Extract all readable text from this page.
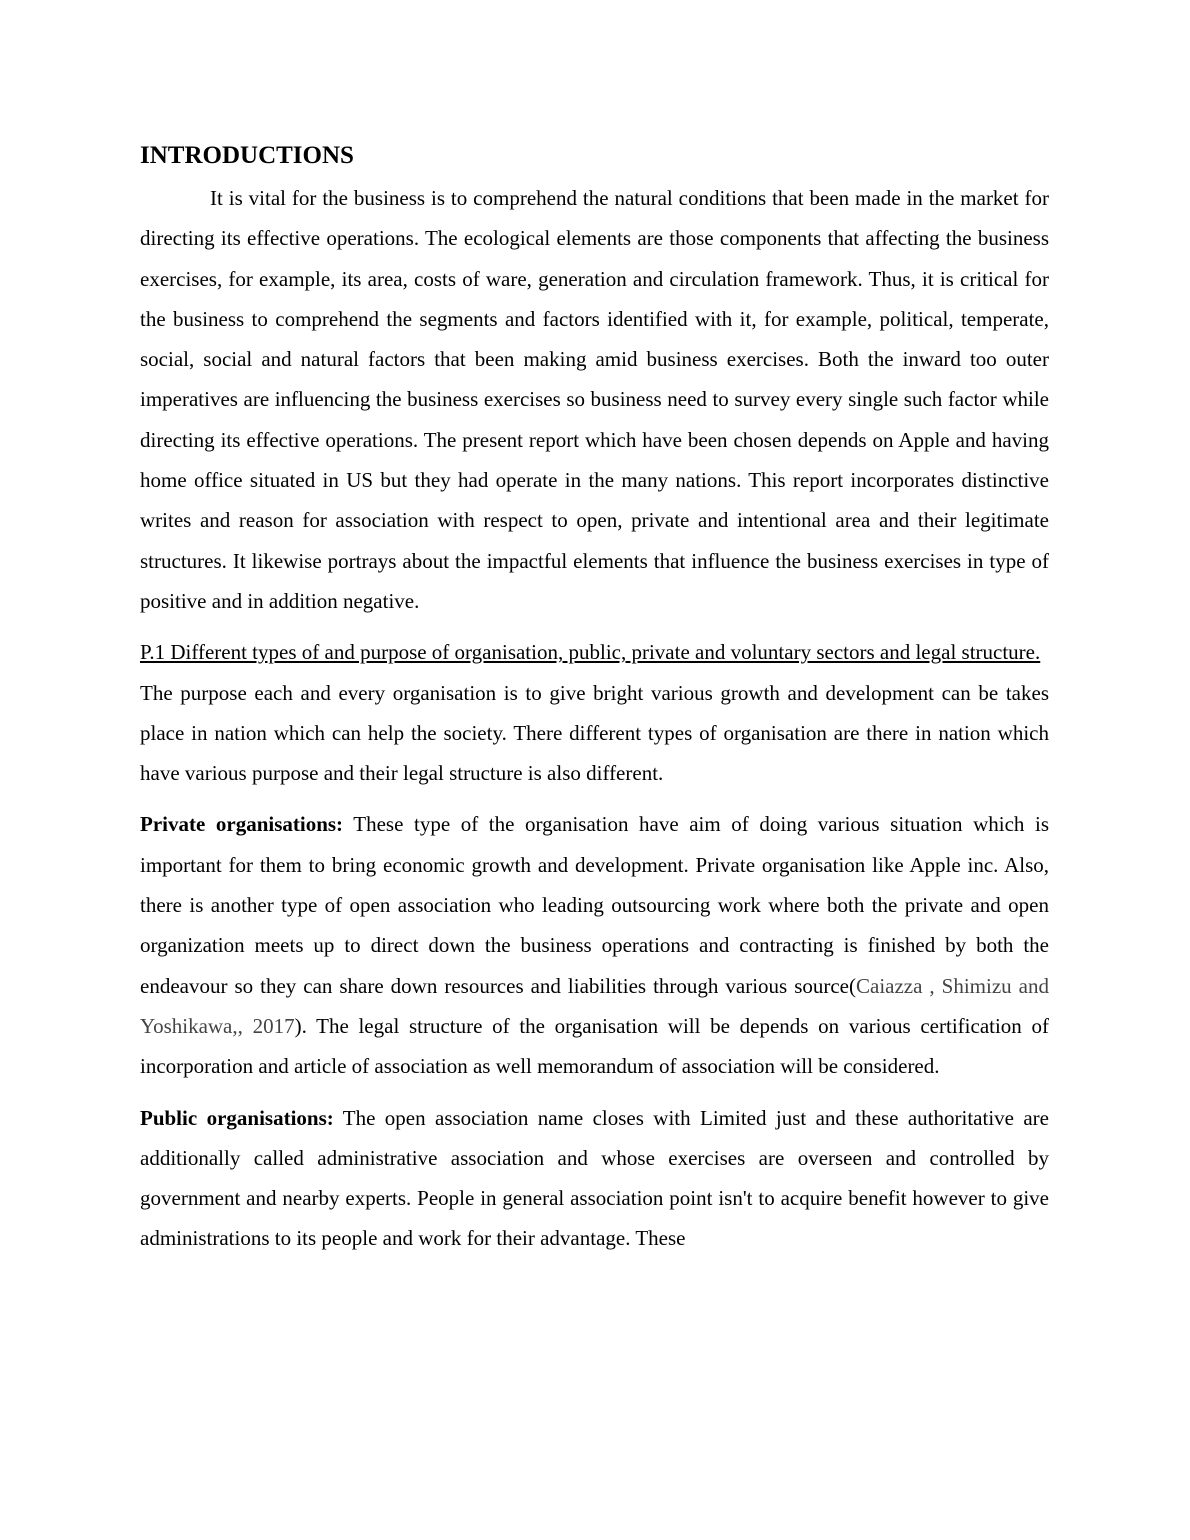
INTRODUCTIONS

It is vital for the business is to comprehend the natural conditions that been made in the market for directing its effective operations. The ecological elements are those components that affecting the business exercises, for example, its area, costs of ware, generation and circulation framework. Thus, it is critical for the business to comprehend the segments and factors identified with it, for example, political, temperate, social, social and natural factors that been making amid business exercises. Both the inward too outer imperatives are influencing the business exercises so business need to survey every single such factor while directing its effective operations. The present report which have been chosen depends on Apple and having home office situated in US but they had operate in the many nations. This report incorporates distinctive writes and reason for association with respect to open, private and intentional area and their legitimate structures. It likewise portrays about the impactful elements that influence the business exercises in type of positive and in addition negative.

P.1 Different types of and purpose of organisation, public, private and voluntary sectors and legal structure.

The purpose each and every organisation is to give bright various growth and development can be takes place in nation which can help the society. There different types of organisation are there in nation which have various purpose and their legal structure is also different.

Private organisations: These type of the organisation have aim of doing various situation which is important for them to bring economic growth and development. Private organisation like Apple inc. Also, there is another type of open association who leading outsourcing work where both the private and open organization meets up to direct down the business operations and contracting is finished by both the endeavour so they can share down resources and liabilities through various source(Caiazza , Shimizu and Yoshikawa,, 2017). The legal structure of the organisation will be depends on various certification of incorporation and article of association as well memorandum of association will be considered.

Public organisations: The open association name closes with Limited just and these authoritative are additionally called administrative association and whose exercises are overseen and controlled by government and nearby experts. People in general association point isn't to acquire benefit however to give administrations to its people and work for their advantage. These
